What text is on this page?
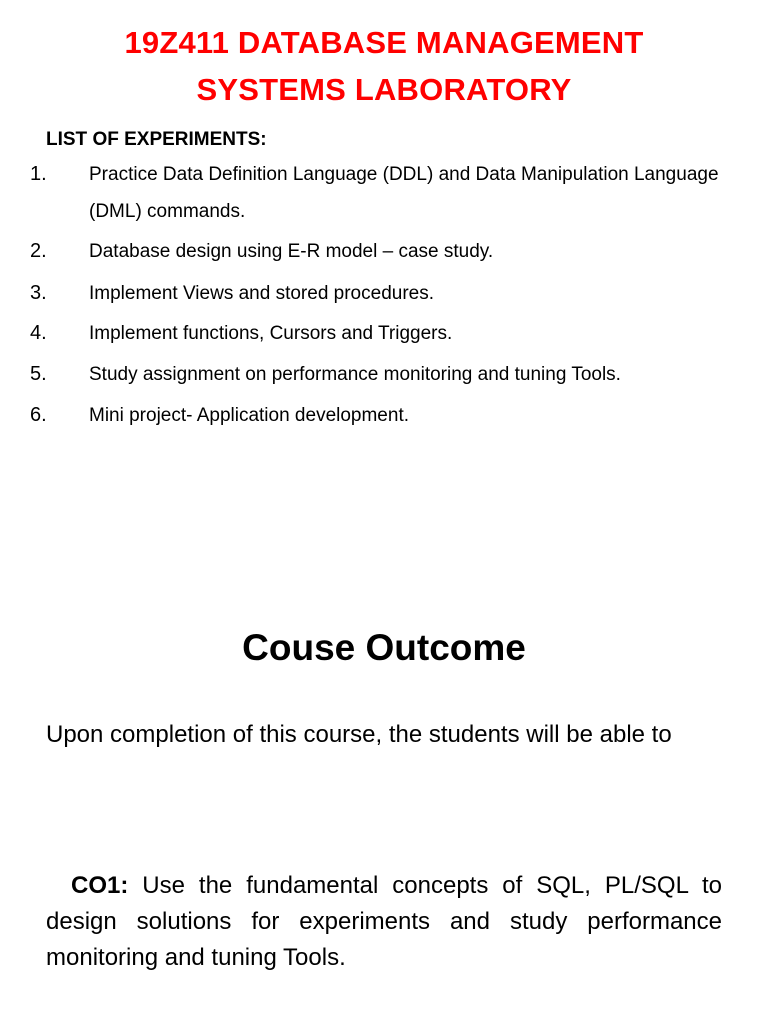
19Z411 DATABASE MANAGEMENT
SYSTEMS LABORATORY
LIST OF EXPERIMENTS:
1. Practice Data Definition Language (DDL) and Data Manipulation Language (DML) commands.
2. Database design using E-R model – case study.
3. Implement Views and stored procedures.
4. Implement functions, Cursors and Triggers.
5. Study assignment on performance monitoring and tuning Tools.
6. Mini project- Application development.
Couse Outcome
Upon completion of this course, the students will be able to
CO1: Use the fundamental concepts of SQL, PL/SQL to design solutions for experiments and study performance monitoring and tuning Tools.
